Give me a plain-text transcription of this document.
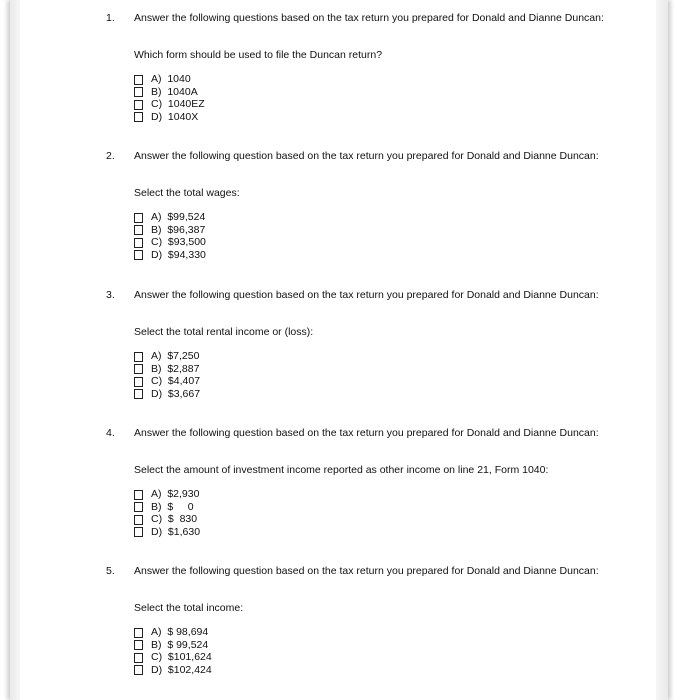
1. Answer the following questions based on the tax return you prepared for Donald and Dianne Duncan:
Which form should be used to file the Duncan return?
A)  1040
B)  1040A
C)  1040EZ
D)  1040X
2. Answer the following question based on the tax return you prepared for Donald and Dianne Duncan:
Select the total wages:
A)  $99,524
B)  $96,387
C)  $93,500
D)  $94,330
3. Answer the following question based on the tax return you prepared for Donald and Dianne Duncan:
Select the total rental income or (loss):
A)  $7,250
B)  $2,887
C)  $4,407
D)  $3,667
4. Answer the following question based on the tax return you prepared for Donald and Dianne Duncan:
Select the amount of investment income reported as other income on line 21, Form 1040:
A)  $2,930
B)  $     0
C)  $  830
D)  $1,630
5. Answer the following question based on the tax return you prepared for Donald and Dianne Duncan:
Select the total income:
A)  $ 98,694
B)  $ 99,524
C)  $101,624
D)  $102,424
